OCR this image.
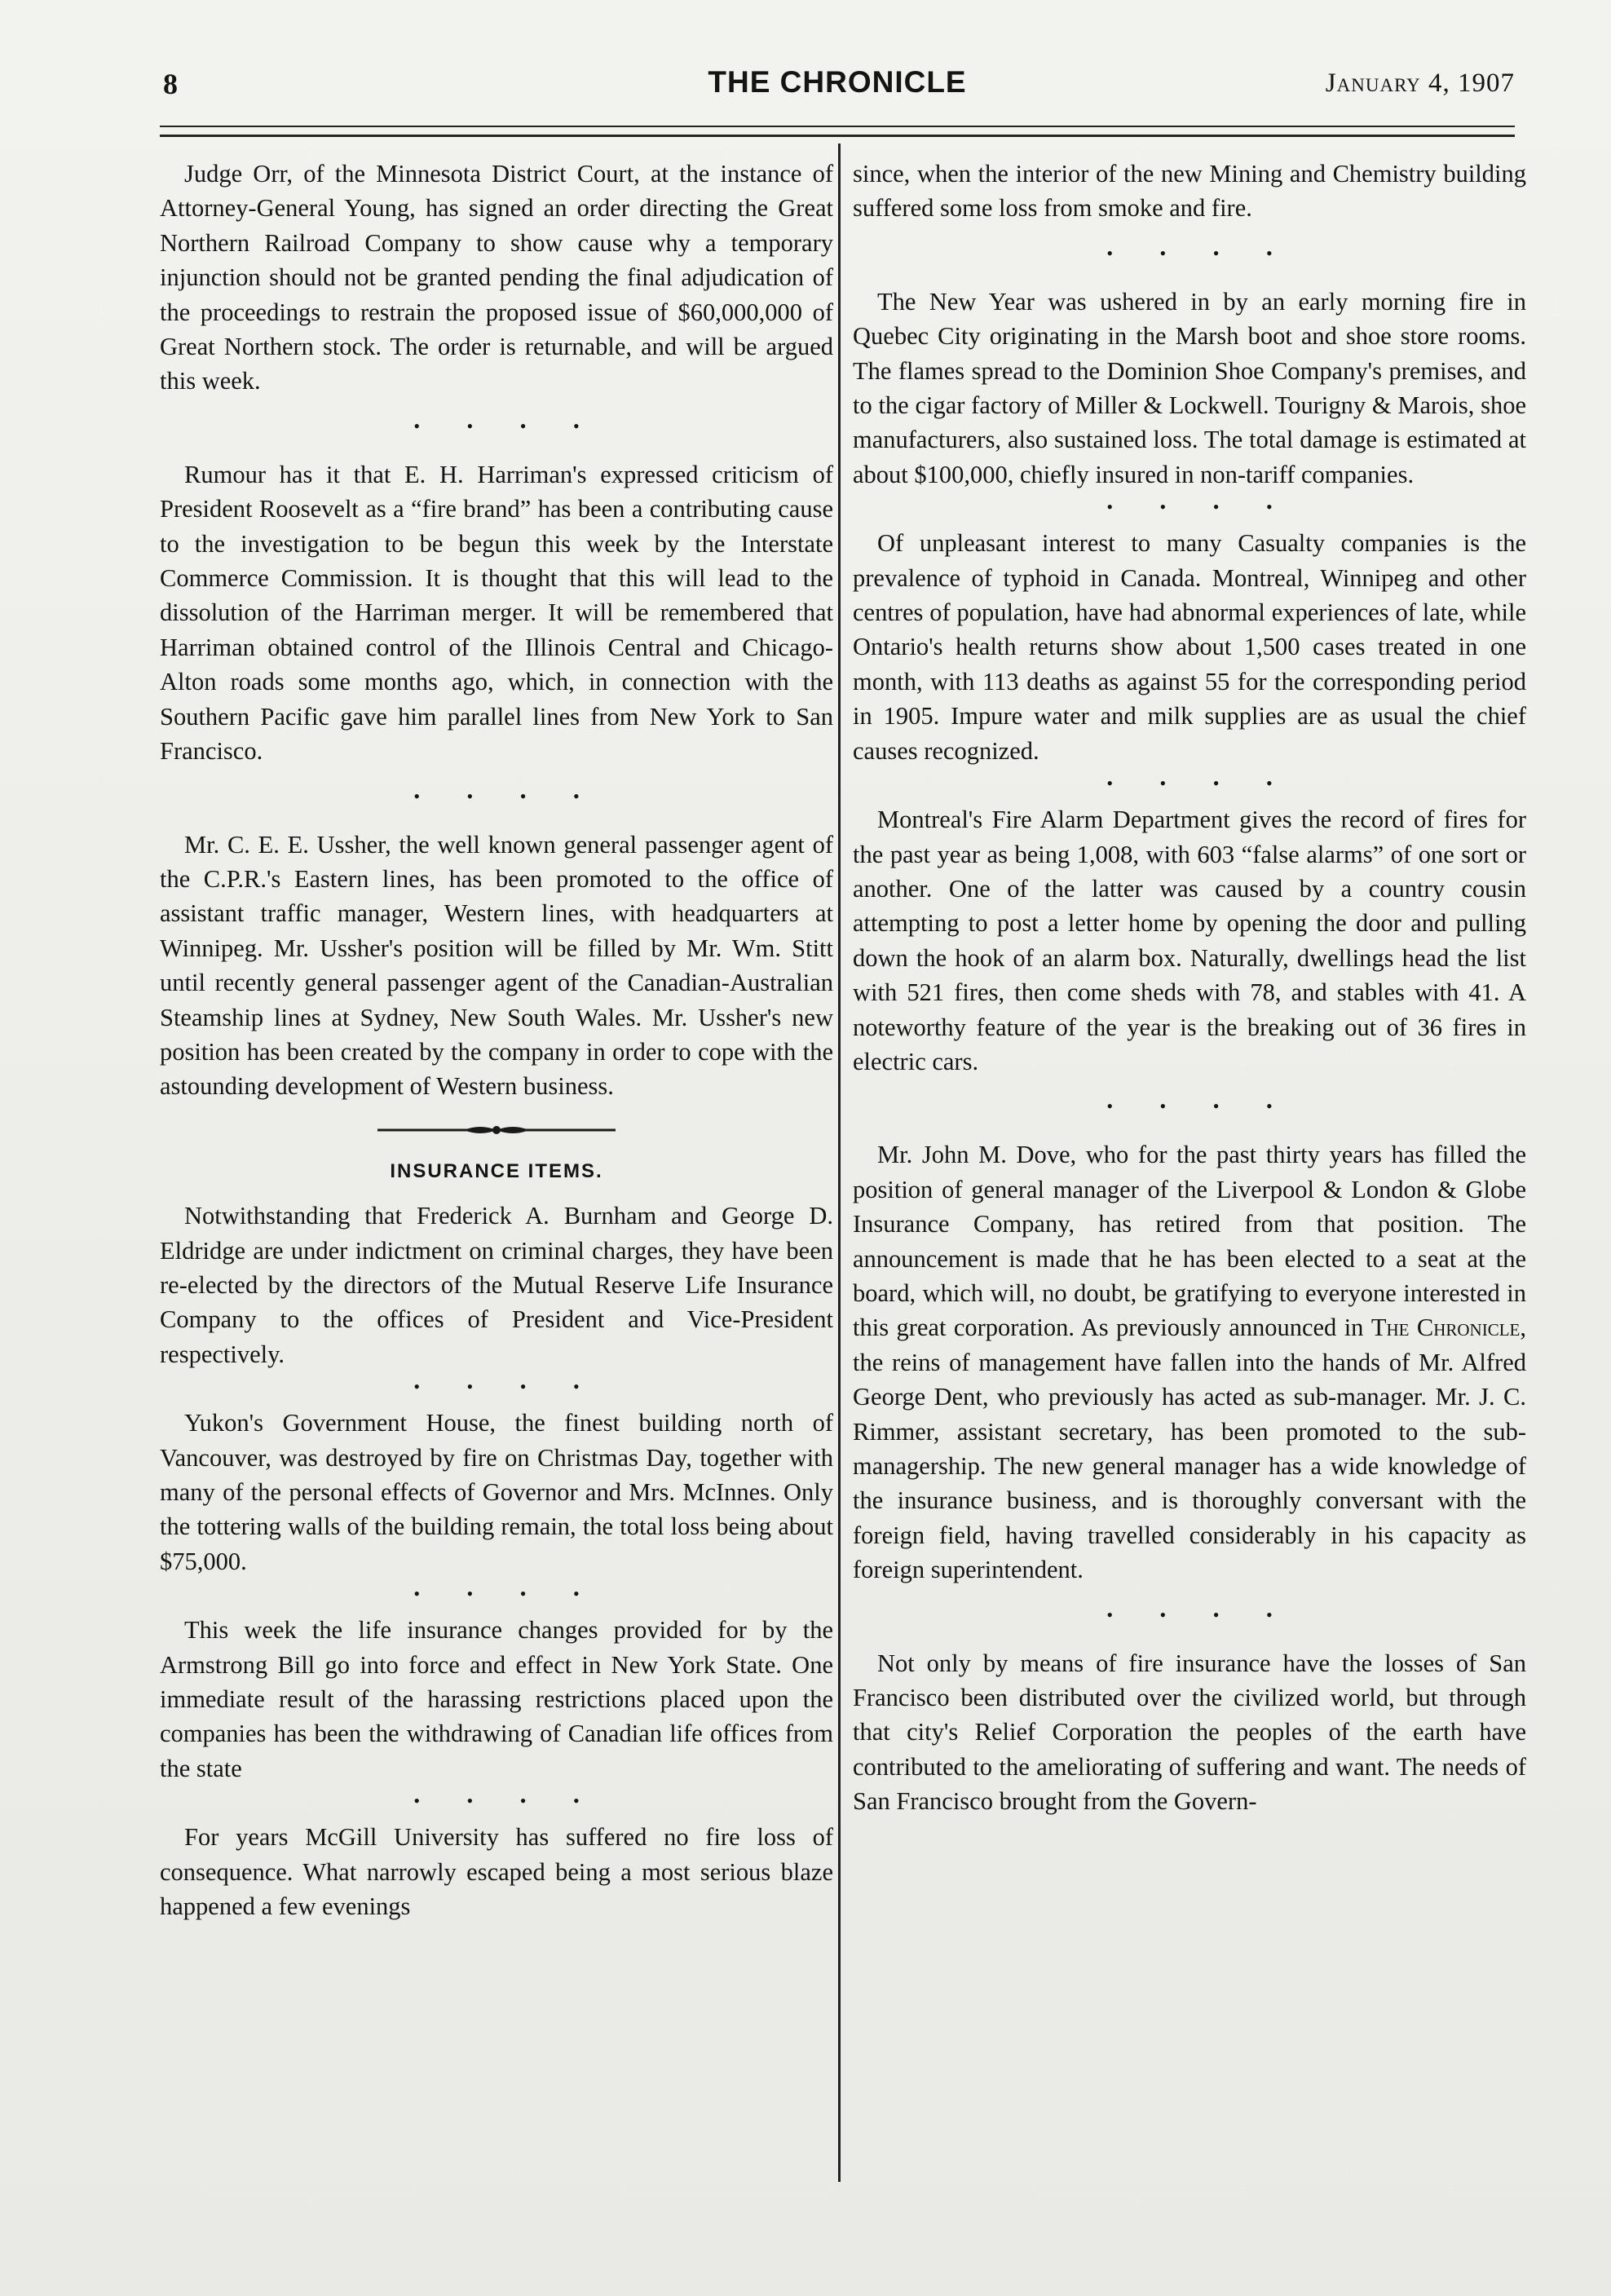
8	THE CHRONICLE	January 4, 1907

Judge Orr, of the Minnesota District Court, at the instance of Attorney-General Young, has signed an order directing the Great Northern Railroad Company to show cause why a temporary injunction should not be granted pending the final adjudication of the proceedings to restrain the proposed issue of $60,000,000 of Great Northern stock. The order is returnable, and will be argued this week.

• • • •

Rumour has it that E. H. Harriman's expressed criticism of President Roosevelt as a “fire brand” has been a contributing cause to the investigation to be begun this week by the Interstate Commerce Commission. It is thought that this will lead to the dissolution of the Harriman merger. It will be remembered that Harriman obtained control of the Illinois Central and Chicago-Alton roads some months ago, which, in connection with the Southern Pacific gave him parallel lines from New York to San Francisco.

• • • •

Mr. C. E. E. Ussher, the well known general passenger agent of the C.P.R.'s Eastern lines, has been promoted to the office of assistant traffic manager, Western lines, with headquarters at Winnipeg. Mr. Ussher's position will be filled by Mr. Wm. Stitt until recently general passenger agent of the Canadian-Australian Steamship lines at Sydney, New South Wales. Mr. Ussher's new position has been created by the company in order to cope with the astounding development of Western business.

INSURANCE ITEMS.

Notwithstanding that Frederick A. Burnham and George D. Eldridge are under indictment on criminal charges, they have been re-elected by the directors of the Mutual Reserve Life Insurance Company to the offices of President and Vice-President respectively.

• • • •

Yukon's Government House, the finest building north of Vancouver, was destroyed by fire on Christmas Day, together with many of the personal effects of Governor and Mrs. McInnes. Only the tottering walls of the building remain, the total loss being about $75,000.

• • • •

This week the life insurance changes provided for by the Armstrong Bill go into force and effect in New York State. One immediate result of the harassing restrictions placed upon the companies has been the withdrawing of Canadian life offices from the state

• • • •

For years McGill University has suffered no fire loss of consequence. What narrowly escaped being a most serious blaze happened a few evenings

since, when the interior of the new Mining and Chemistry building suffered some loss from smoke and fire.

• • • •

The New Year was ushered in by an early morning fire in Quebec City originating in the Marsh boot and shoe store rooms. The flames spread to the Dominion Shoe Company's premises, and to the cigar factory of Miller & Lockwell. Tourigny & Marois, shoe manufacturers, also sustained loss. The total damage is estimated at about $100,000, chiefly insured in non-tariff companies.

• • • •

Of unpleasant interest to many Casualty companies is the prevalence of typhoid in Canada. Montreal, Winnipeg and other centres of population, have had abnormal experiences of late, while Ontario's health returns show about 1,500 cases treated in one month, with 113 deaths as against 55 for the corresponding period in 1905. Impure water and milk supplies are as usual the chief causes recognized.

• • • •

Montreal's Fire Alarm Department gives the record of fires for the past year as being 1,008, with 603 “false alarms” of one sort or another. One of the latter was caused by a country cousin attempting to post a letter home by opening the door and pulling down the hook of an alarm box. Naturally, dwellings head the list with 521 fires, then come sheds with 78, and stables with 41. A noteworthy feature of the year is the breaking out of 36 fires in electric cars.

• • • •

Mr. John M. Dove, who for the past thirty years has filled the position of general manager of the Liverpool & London & Globe Insurance Company, has retired from that position. The announcement is made that he has been elected to a seat at the board, which will, no doubt, be gratifying to everyone interested in this great corporation. As previously announced in The Chronicle, the reins of management have fallen into the hands of Mr. Alfred George Dent, who previously has acted as sub-manager. Mr. J. C. Rimmer, assistant secretary, has been promoted to the sub-managership. The new general manager has a wide knowledge of the insurance business, and is thoroughly conversant with the foreign field, having travelled considerably in his capacity as foreign superintendent.

• • • •

Not only by means of fire insurance have the losses of San Francisco been distributed over the civilized world, but through that city's Relief Corporation the peoples of the earth have contributed to the ameliorating of suffering and want. The needs of San Francisco brought from the Govern-
